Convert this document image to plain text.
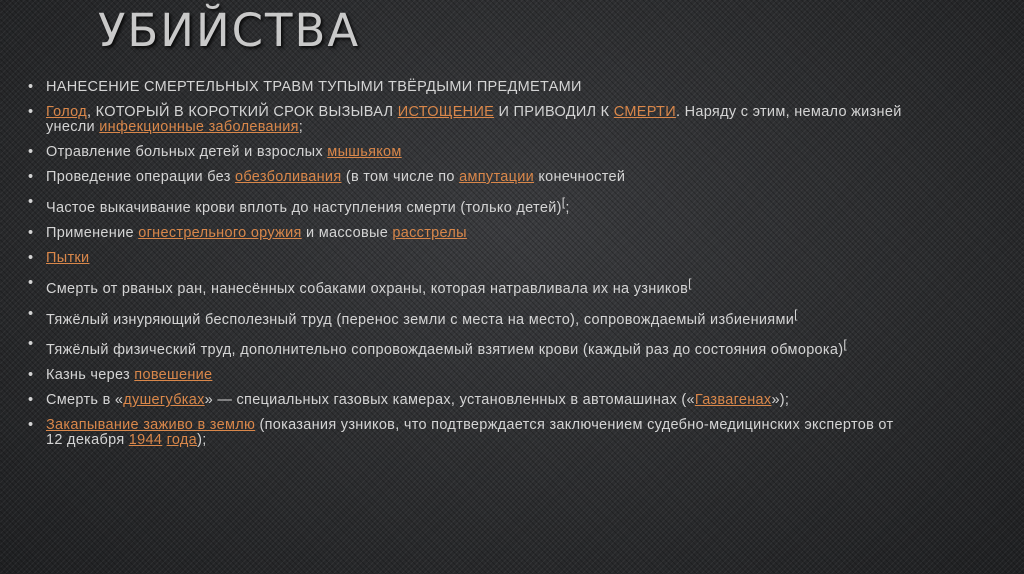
УБИЙСТВА
• НАНЕСЕНИЕ СМЕРТЕЛЬНЫХ ТРАВМ ТУПЫМИ ТВЁРДЫМИ ПРЕДМЕТАМИ
• Голод, КОТОРЫЙ В КОРОТКИЙ СРОК ВЫЗЫВАЛ ИСТОЩЕНИЕ И ПРИВОДИЛ К СМЕРТИ. Наряду с этим, немало жизней унесли инфекционные заболевания;
• Отравление больных детей и взрослых мышьяком
• Проведение операции без обезболивания (в том числе по ампутации конечностей
• Частое выкачивание крови вплоть до наступления смерти (только детей)[;
• Применение огнестрельного оружия и массовые расстрелы
• Пытки
• Смерть от рваных ран, нанесённых собаками охраны, которая натравливала их на узников[
• Тяжёлый изнуряющий бесполезный труд (перенос земли с места на место), сопровождаемый избиениями[
• Тяжёлый физический труд, дополнительно сопровождаемый взятием крови (каждый раз до состояния обморока)[
• Казнь через повешение
• Смерть в «душегубках» — специальных газовых камерах, установленных в автомашинах («Газвагенах»);
• Закапывание заживо в землю (показания узников, что подтверждается заключением судебно-медицинских экспертов от 12 декабря 1944 года);
